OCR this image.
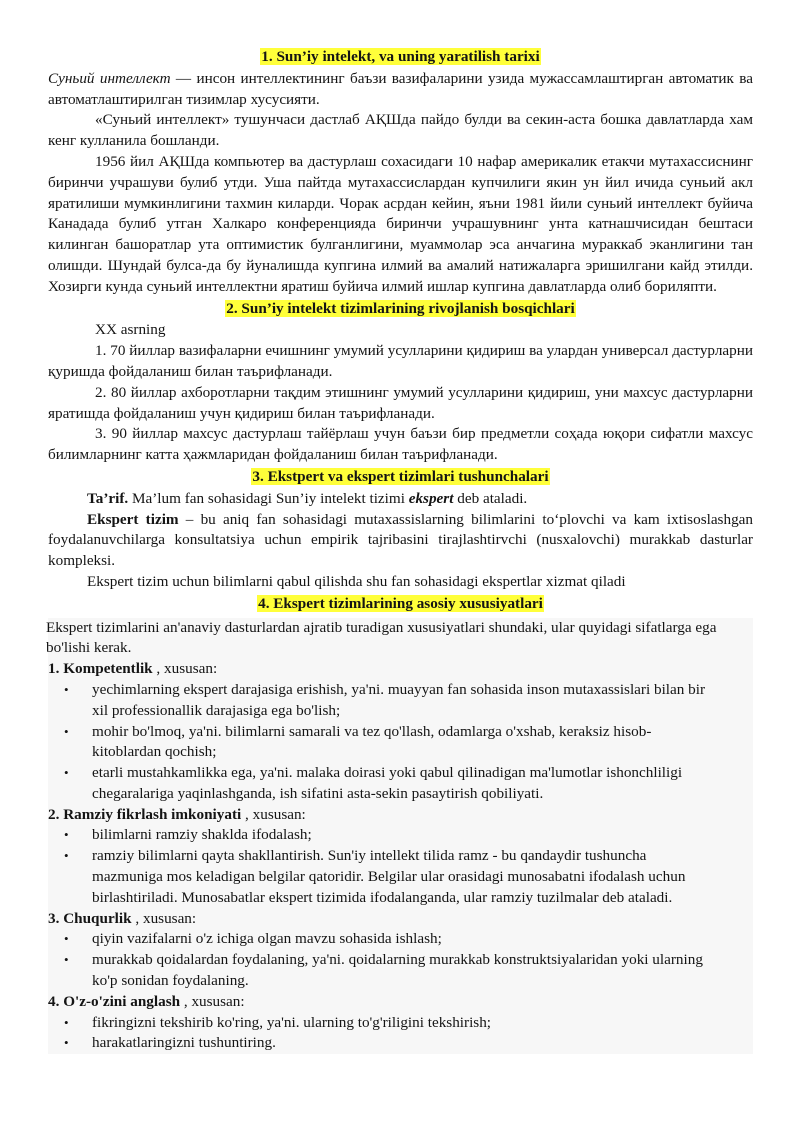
1. Sun’iy intelekt, va uning yaratilish tarixi

Суньий интеллект — инсон интеллектининг баъзи вазифаларини узида мужассамлаштирган автоматик ва автоматлаштирилган тизимлар хусусияти.

«Суньий интеллект» тушунчаси дастлаб АҚШда пайдо булди ва секин-аста бошка давлатларда хам кенг кулланила бошланди.

1956 йил АҚШда компьютер ва дастурлаш сохасидаги 10 нафар америкалик етакчи мутахассиснинг биринчи учрашуви булиб утди. Уша пайтда мутахассислардан купчилиги якин ун йил ичида суньий акл яратилиши мумкинлигини тахмин киларди. Чорак асрдан кейин, яъни 1981 йили суньий интеллект буйича Канадада булиб утган Халкаро конференцияда биринчи учрашувнинг унта катнашчисидан бештаси килинган башоратлар ута оптимистик булганлигини, муаммолар эса анчагина мураккаб эканлигини тан олишди. Шундай булса-да бу йуналишда купгина илмий ва амалий натижаларга эришилгани кайд этилди. Хозирги кунда суньий интеллектни яратиш буйича илмий ишлар купгина давлатларда олиб бориляпти.

2. Sun’iy intelekt tizimlarining rivojlanish bosqichlari

XX asrning

1. 70 йиллар вазифаларни ечишнинг умумий усулларини қидириш ва улардан универсал дастурларни қуришда фойдаланиш билан таърифланади.

2. 80 йиллар ахборотларни тақдим этишнинг умумий усулларини қидириш, уни махсус дастурларни яратишда фойдаланиш учун қидириш билан таърифланади.

3. 90 йиллар махсус дастурлаш тайёрлаш учун баъзи бир предметли соҳада юқори сифатли махсус билимларнинг катта ҳажмларидан фойдаланиш билан таърифланади.

3. Ekstpert va ekspert tizimlari tushunchalari

Ta’rif. Ma’lum fan sohasidagi Sun’iy intelekt tizimi ekspert deb ataladi.

Ekspert tizim – bu aniq fan sohasidagi mutaxassislarning bilimlarini to‘plovchi va kam ixtisoslashgan foydalanuvchilarga konsultatsiya uchun empirik tajribasini tirajlashtirvchi (nusxalovchi) murakkab dasturlar kompleksi.

Ekspert tizim uchun bilimlarni qabul qilishda shu fan sohasidagi ekspertlar xizmat qiladi

4. Ekspert tizimlarining asosiy xususiyatlari

Ekspert tizimlarini an'anaviy dasturlardan ajratib turadigan xususiyatlari shundaki, ular quyidagi sifatlarga ega bo'lishi kerak.

1. Kompetentlik , xususan:

• yechimlarning ekspert darajasiga erishish, ya'ni. muayyan fan sohasida inson mutaxassislari bilan bir xil professionallik darajasiga ega bo'lish;
• mohir bo'lmoq, ya'ni. bilimlarni samarali va tez qo'llash, odamlarga o'xshab, keraksiz hisob-kitoblardan qochish;
• etarli mustahkamlikka ega, ya'ni. malaka doirasi yoki qabul qilinadigan ma'lumotlar ishonchliligi chegaralariga yaqinlashganda, ish sifatini asta-sekin pasaytirish qobiliyati.

2. Ramziy fikrlash imkoniyati , xususan:

• bilimlarni ramziy shaklda ifodalash;
• ramziy bilimlarni qayta shakllantirish. Sun'iy intellekt tilida ramz - bu qandaydir tushuncha mazmuniga mos keladigan belgilar qatoridir. Belgilar ular orasidagi munosabatni ifodalash uchun birlashtiriladi. Munosabatlar ekspert tizimida ifodalanganda, ular ramziy tuzilmalar deb ataladi.

3. Chuqurlik , xususan:

• qiyin vazifalarni o'z ichiga olgan mavzu sohasida ishlash;
• murakkab qoidalardan foydalaning, ya'ni. qoidalarning murakkab konstruktsiyalaridan yoki ularning ko'p sonidan foydalaning.

4. O'z-o'zini anglash , xususan:

• fikringizni tekshirib ko'ring, ya'ni. ularning to'g'riligini tekshirish;
• harakatlaringizni tushuntiring.
